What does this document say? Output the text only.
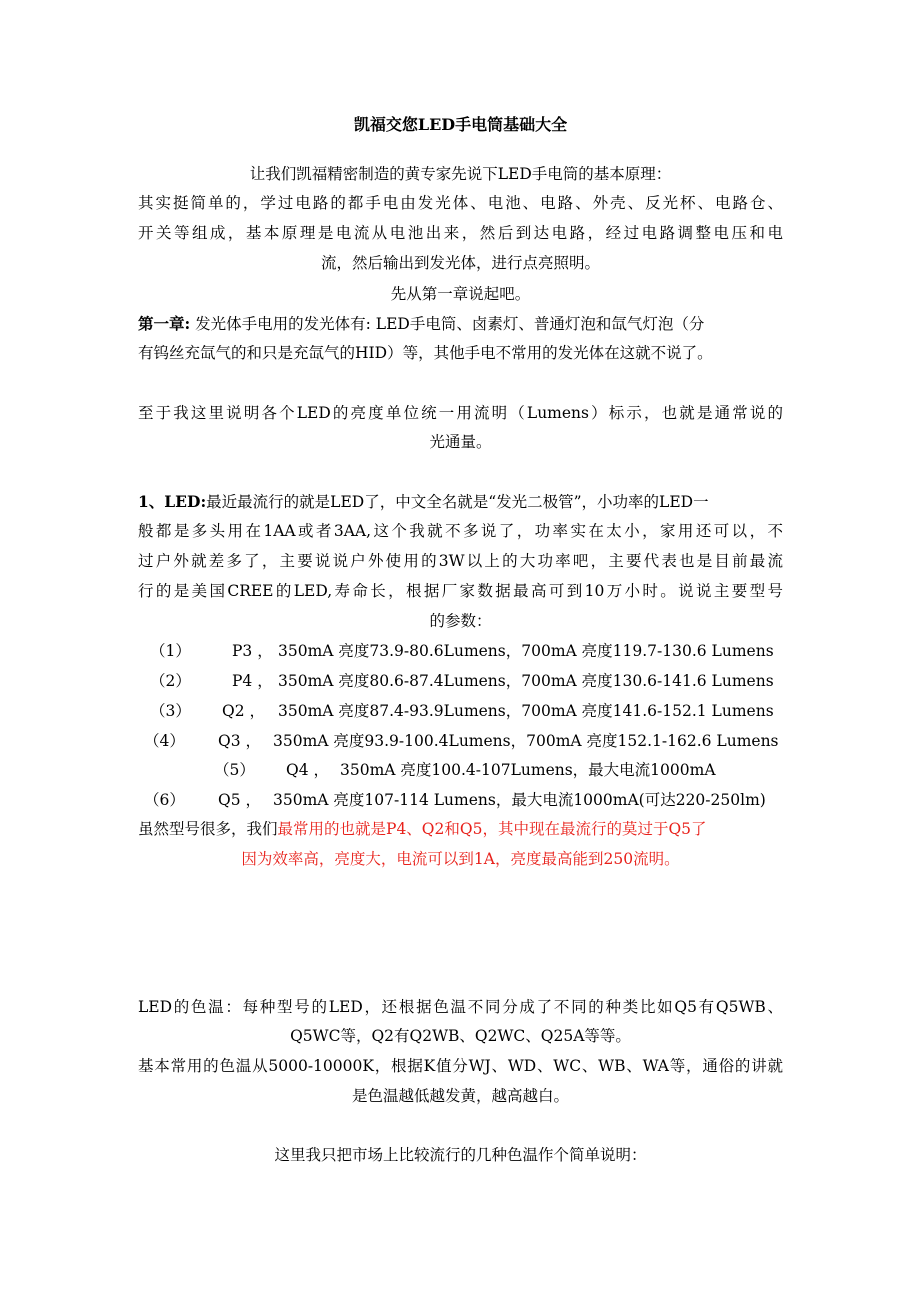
凯福交您LED手电筒基础大全
让我们凯福精密制造的黄专家先说下LED手电筒的基本原理：
其实挺简单的，学过电路的都手电由发光体、电池、电路、外壳、反光杯、电路仓、
开关等组成，基本原理是电流从电池出来，然后到达电路，经过电路调整电压和电
流，然后输出到发光体，进行点亮照明。
先从第一章说起吧。
第一章: 发光体手电用的发光体有: LED手电筒、卤素灯、普通灯泡和氙气灯泡（分
有钨丝充氙气的和只是充氙气的HID）等，其他手电不常用的发光体在这就不说了。
至于我这里说明各个LED的亮度单位统一用流明（Lumens）标示，也就是通常说的
光通量。
1、LED:最近最流行的就是LED了，中文全名就是“发光二极管”，小功率的LED一
般都是多头用在1AA或者3AA,这个我就不多说了，功率实在太小，家用还可以，不
过户外就差多了，主要说说户外使用的3W以上的大功率吧，主要代表也是目前最流
行的是美国CREE的LED,寿命长，根据厂家数据最高可到10万小时。说说主要型号
的参数：
（1）	P3 ， 350mA 亮度73.9-80.6Lumens，700mA 亮度119.7-130.6 Lumens
（2）	P4 ， 350mA 亮度80.6-87.4Lumens，700mA 亮度130.6-141.6 Lumens
（3） Q2 ， 350mA 亮度87.4-93.9Lumens，700mA 亮度141.6-152.1 Lumens
（4） Q3 ， 350mA 亮度93.9-100.4Lumens，700mA 亮度152.1-162.6 Lumens
（5） Q4 ， 350mA 亮度100.4-107Lumens，最大电流1000mA
（6） Q5 ， 350mA 亮度107-114 Lumens，最大电流1000mA(可达220-250lm)
虽然型号很多，我们最常用的也就是P4、Q2和Q5，其中现在最流行的莫过于Q5了
因为效率高，亮度大，电流可以到1A，亮度最高能到250流明。
LED的色温：每种型号的LED，还根据色温不同分成了不同的种类比如Q5有Q5WB、
Q5WC等，Q2有Q2WB、Q2WC、Q25A等等。
基本常用的色温从5000-10000K，根据K值分WJ、WD、WC、WB、WA等，通俗的讲就
是色温越低越发黄，越高越白。
这里我只把市场上比较流行的几种色温作个简单说明：
